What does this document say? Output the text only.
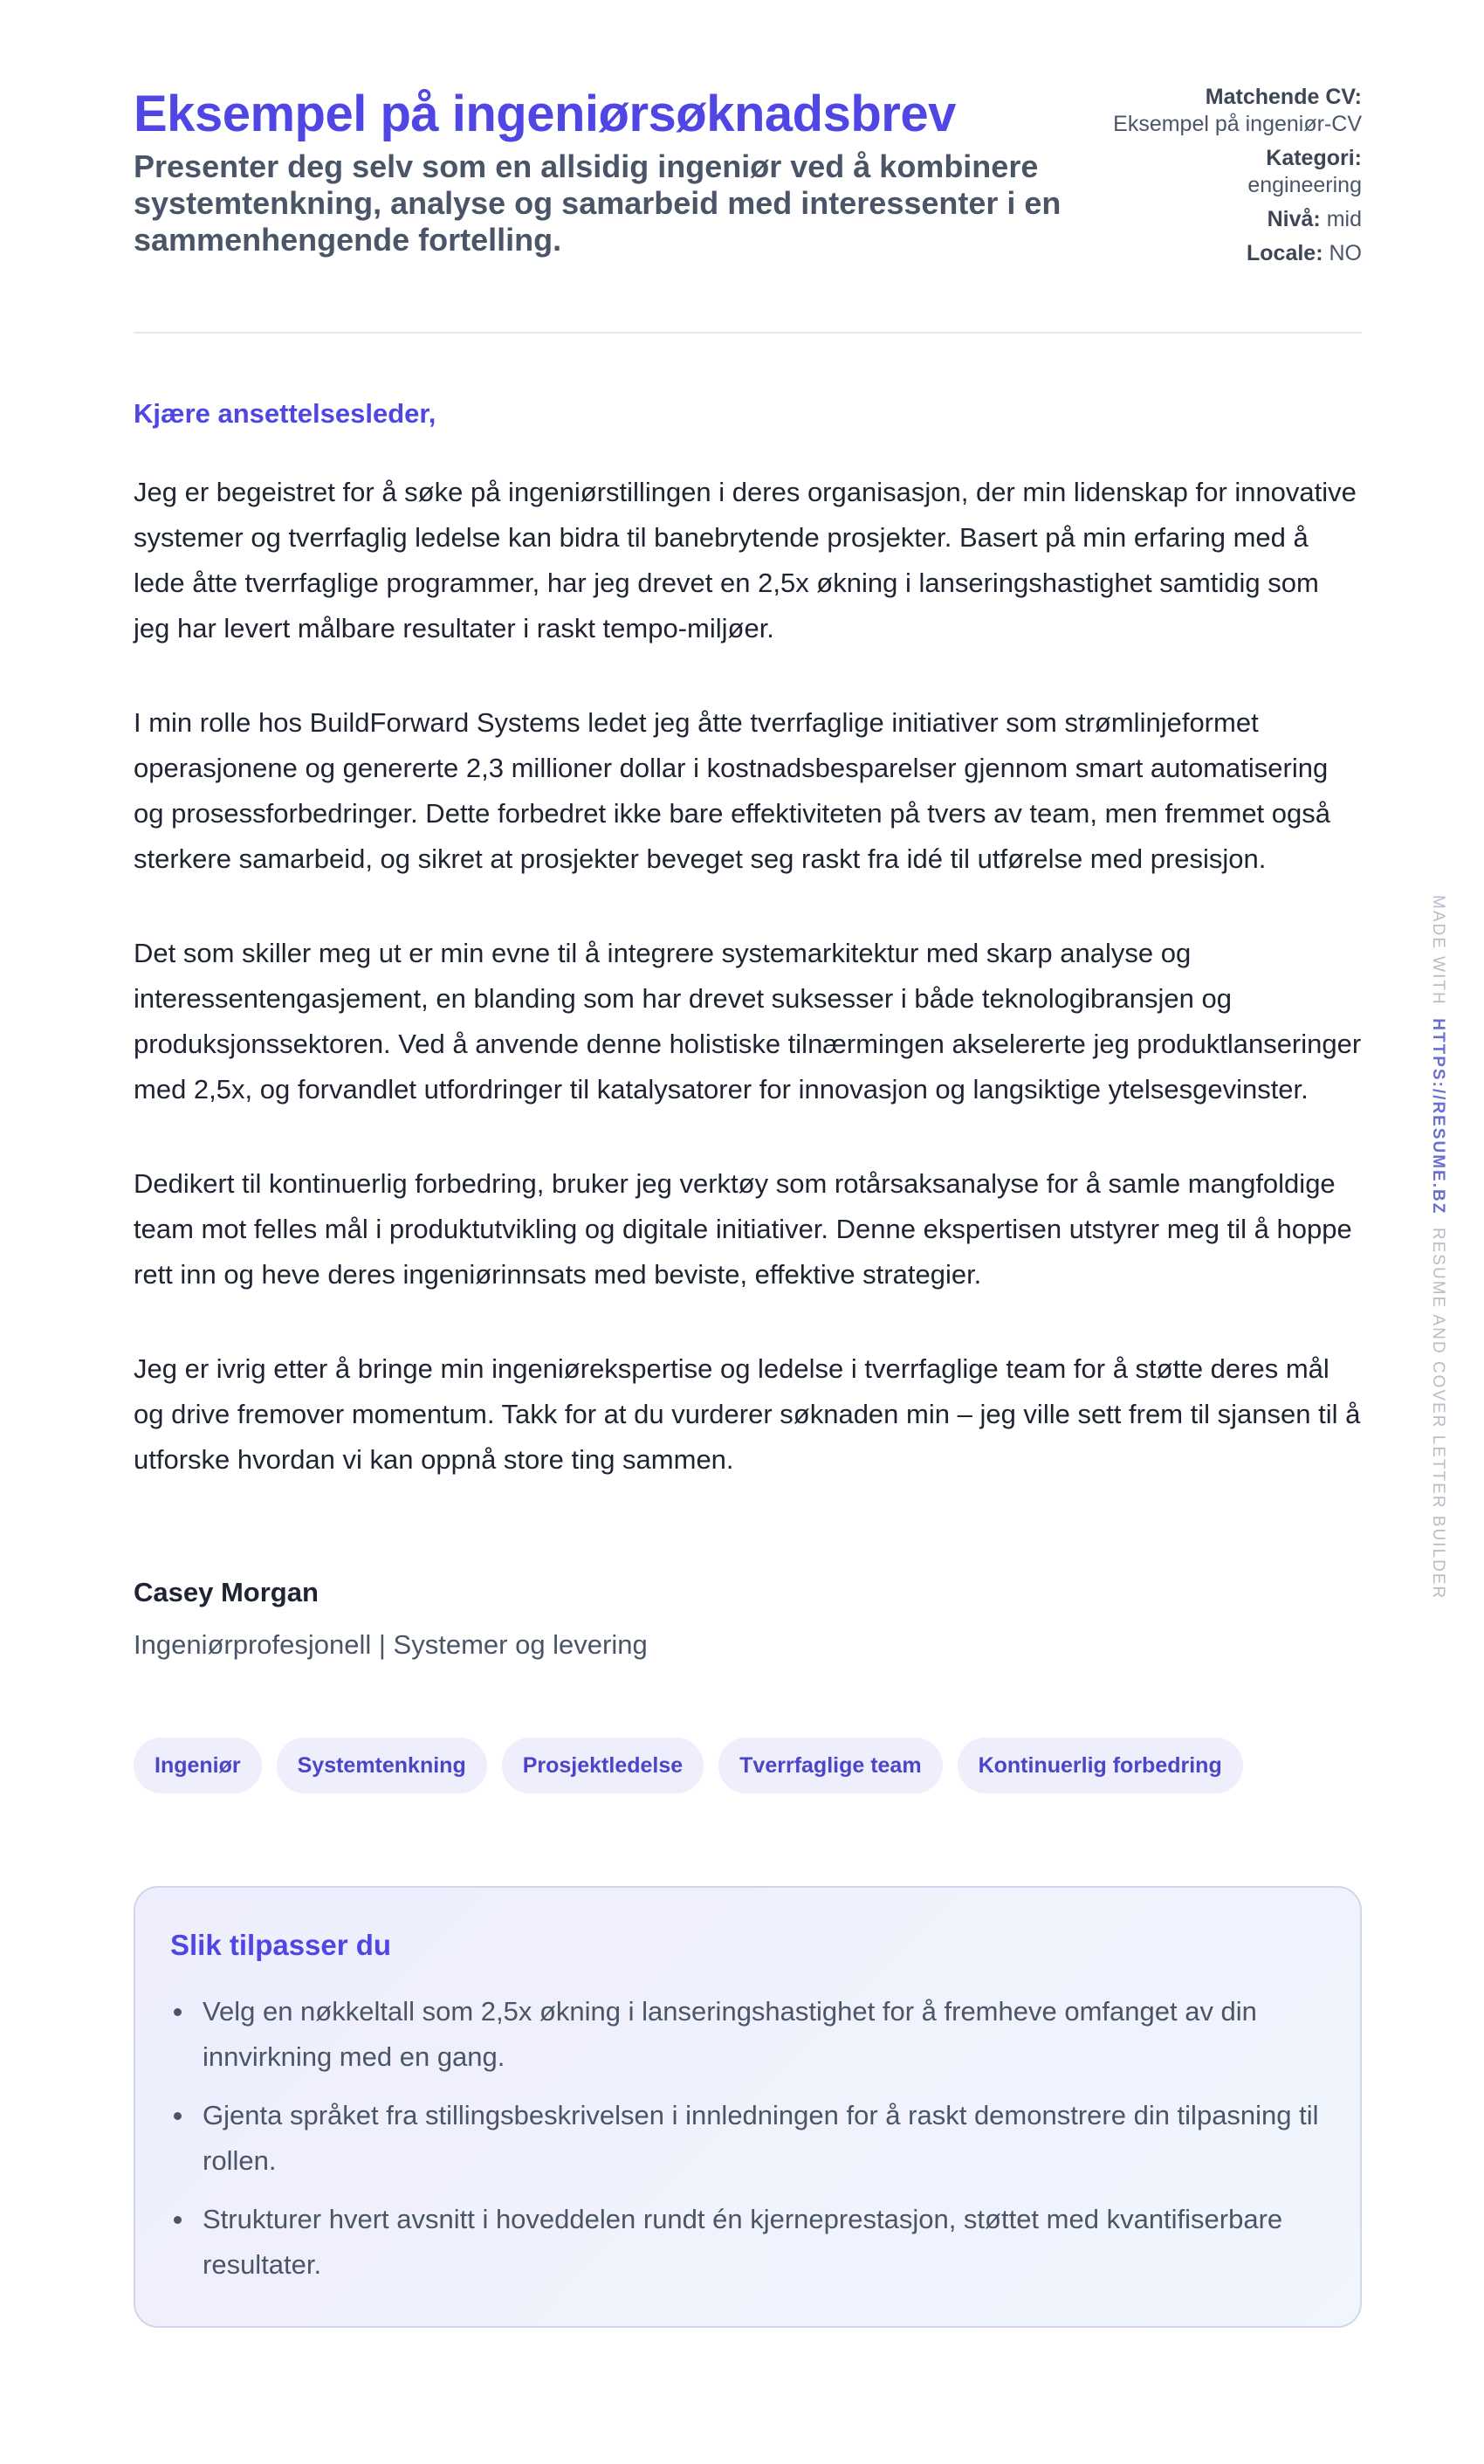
Eksempel på ingeniørsøknadsbrev

Presenter deg selv som en allsidig ingeniør ved å kombinere systemtenkning, analyse og samarbeid med interessenter i en sammenhengende fortelling.

Matchende CV:
Eksempel på ingeniør-CV
Kategori:
engineering
Nivå: mid
Locale: NO

Kjære ansettelsesleder,

Jeg er begeistret for å søke på ingeniørstillingen i deres organisasjon, der min lidenskap for innovative systemer og tverrfaglig ledelse kan bidra til banebrytende prosjekter. Basert på min erfaring med å lede åtte tverrfaglige programmer, har jeg drevet en 2,5x økning i lanseringshastighet samtidig som jeg har levert målbare resultater i raskt tempo-miljøer.

I min rolle hos BuildForward Systems ledet jeg åtte tverrfaglige initiativer som strømlinjeformet operasjonene og genererte 2,3 millioner dollar i kostnadsbesparelser gjennom smart automatisering og prosessforbedringer. Dette forbedret ikke bare effektiviteten på tvers av team, men fremmet også sterkere samarbeid, og sikret at prosjekter beveget seg raskt fra idé til utførelse med presisjon.

Det som skiller meg ut er min evne til å integrere systemarkitektur med skarp analyse og interessentengasjement, en blanding som har drevet suksesser i både teknologibransjen og produksjonssektoren. Ved å anvende denne holistiske tilnærmingen akselererte jeg produktlanseringer med 2,5x, og forvandlet utfordringer til katalysatorer for innovasjon og langsiktige ytelsesgevinster.

Dedikert til kontinuerlig forbedring, bruker jeg verktøy som rotårsaksanalyse for å samle mangfoldige team mot felles mål i produktutvikling og digitale initiativer. Denne ekspertisen utstyrer meg til å hoppe rett inn og heve deres ingeniørinnsats med beviste, effektive strategier.

Jeg er ivrig etter å bringe min ingeniørekspertise og ledelse i tverrfaglige team for å støtte deres mål og drive fremover momentum. Takk for at du vurderer søknaden min – jeg ville sett frem til sjansen til å utforske hvordan vi kan oppnå store ting sammen.

Casey Morgan

Ingeniørprofesjonell | Systemer og levering

Ingeniør	Systemtenkning	Prosjektledelse	Tverrfaglige team	Kontinuerlig forbedring
Slik tilpasser du
Velg en nøkkeltall som 2,5x økning i lanseringshastighet for å fremheve omfanget av din innvirkning med en gang.
Gjenta språket fra stillingsbeskrivelsen i innledningen for å raskt demonstrere din tilpasning til rollen.
Strukturer hvert avsnitt i hoveddelen rundt én kjerneprestasjon, støttet med kvantifiserbare resultater.
MADE WITH  HTTPS://RESUME.BZ  RESUME AND COVER LETTER BUILDER
